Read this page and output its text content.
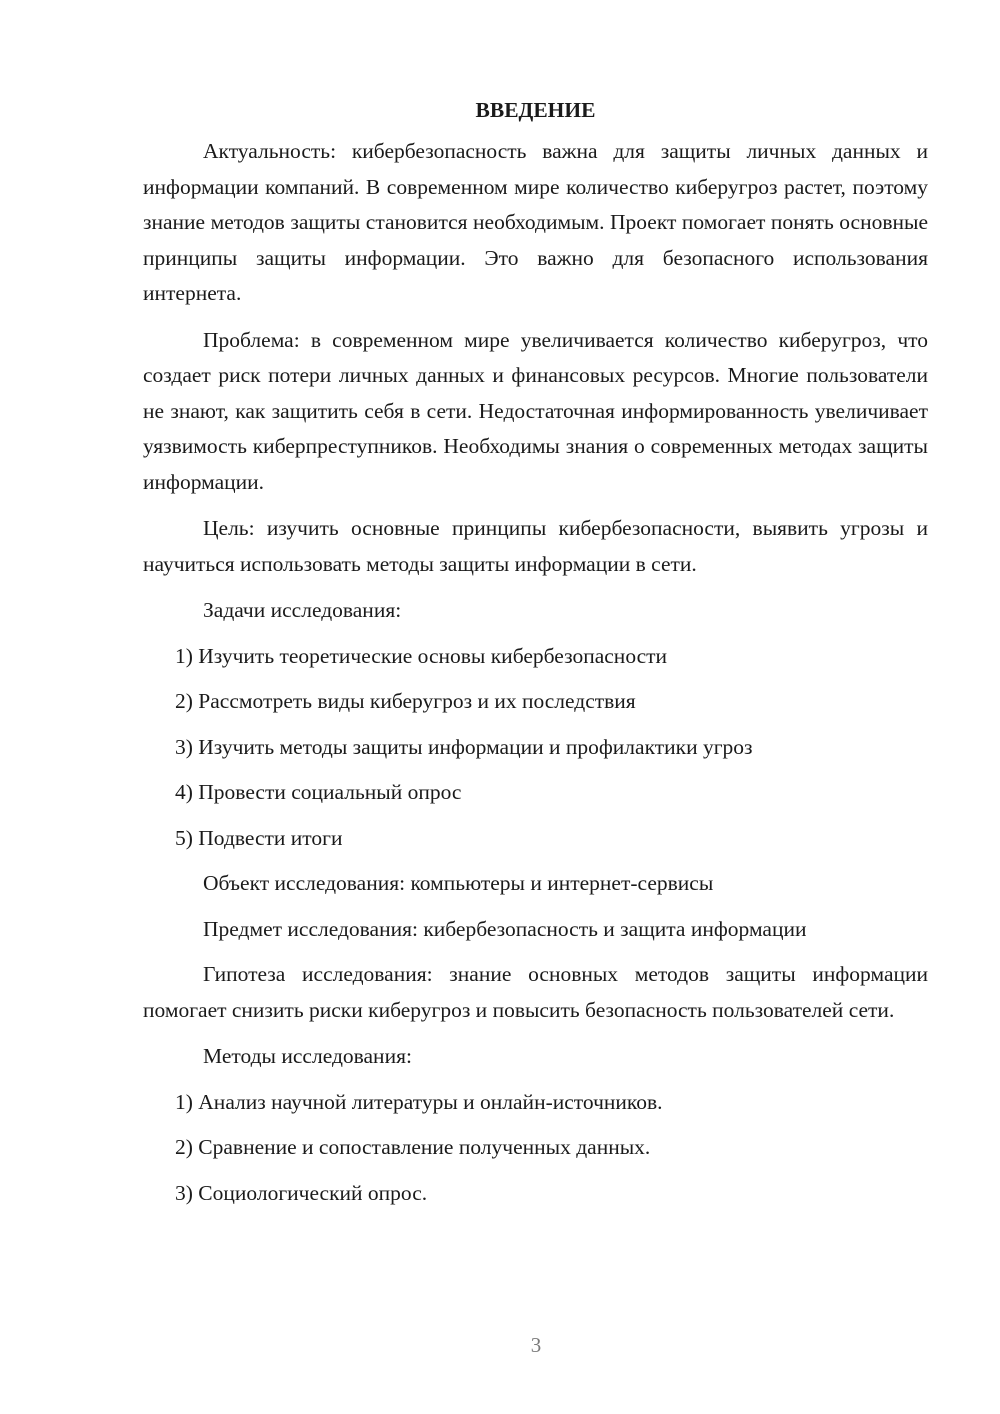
ВВЕДЕНИЕ

Актуальность: кибербезопасность важна для защиты личных данных и информации компаний. В современном мире количество киберугроз растет, поэтому знание методов защиты становится необходимым. Проект помогает понять основные принципы защиты информации. Это важно для безопасного использования интернета.

Проблема: в современном мире увеличивается количество киберугроз, что создает риск потери личных данных и финансовых ресурсов. Многие пользователи не знают, как защитить себя в сети. Недостаточная информированность увеличивает уязвимость киберпреступников. Необходимы знания о современных методах защиты информации.

Цель: изучить основные принципы кибербезопасности, выявить угрозы и научиться использовать методы защиты информации в сети.

Задачи исследования:
1) Изучить теоретические основы кибербезопасности
2) Рассмотреть виды киберугроз и их последствия
3) Изучить методы защиты информации и профилактики угроз
4) Провести социальный опрос
5) Подвести итоги
Объект исследования: компьютеры и интернет-сервисы
Предмет исследования: кибербезопасность и защита информации

Гипотеза исследования: знание основных методов защиты информации помогает снизить риски киберугроз и повысить безопасность пользователей сети.

Методы исследования:
1) Анализ научной литературы и онлайн-источников.
2) Сравнение и сопоставление полученных данных.
3) Социологический опрос.
3
